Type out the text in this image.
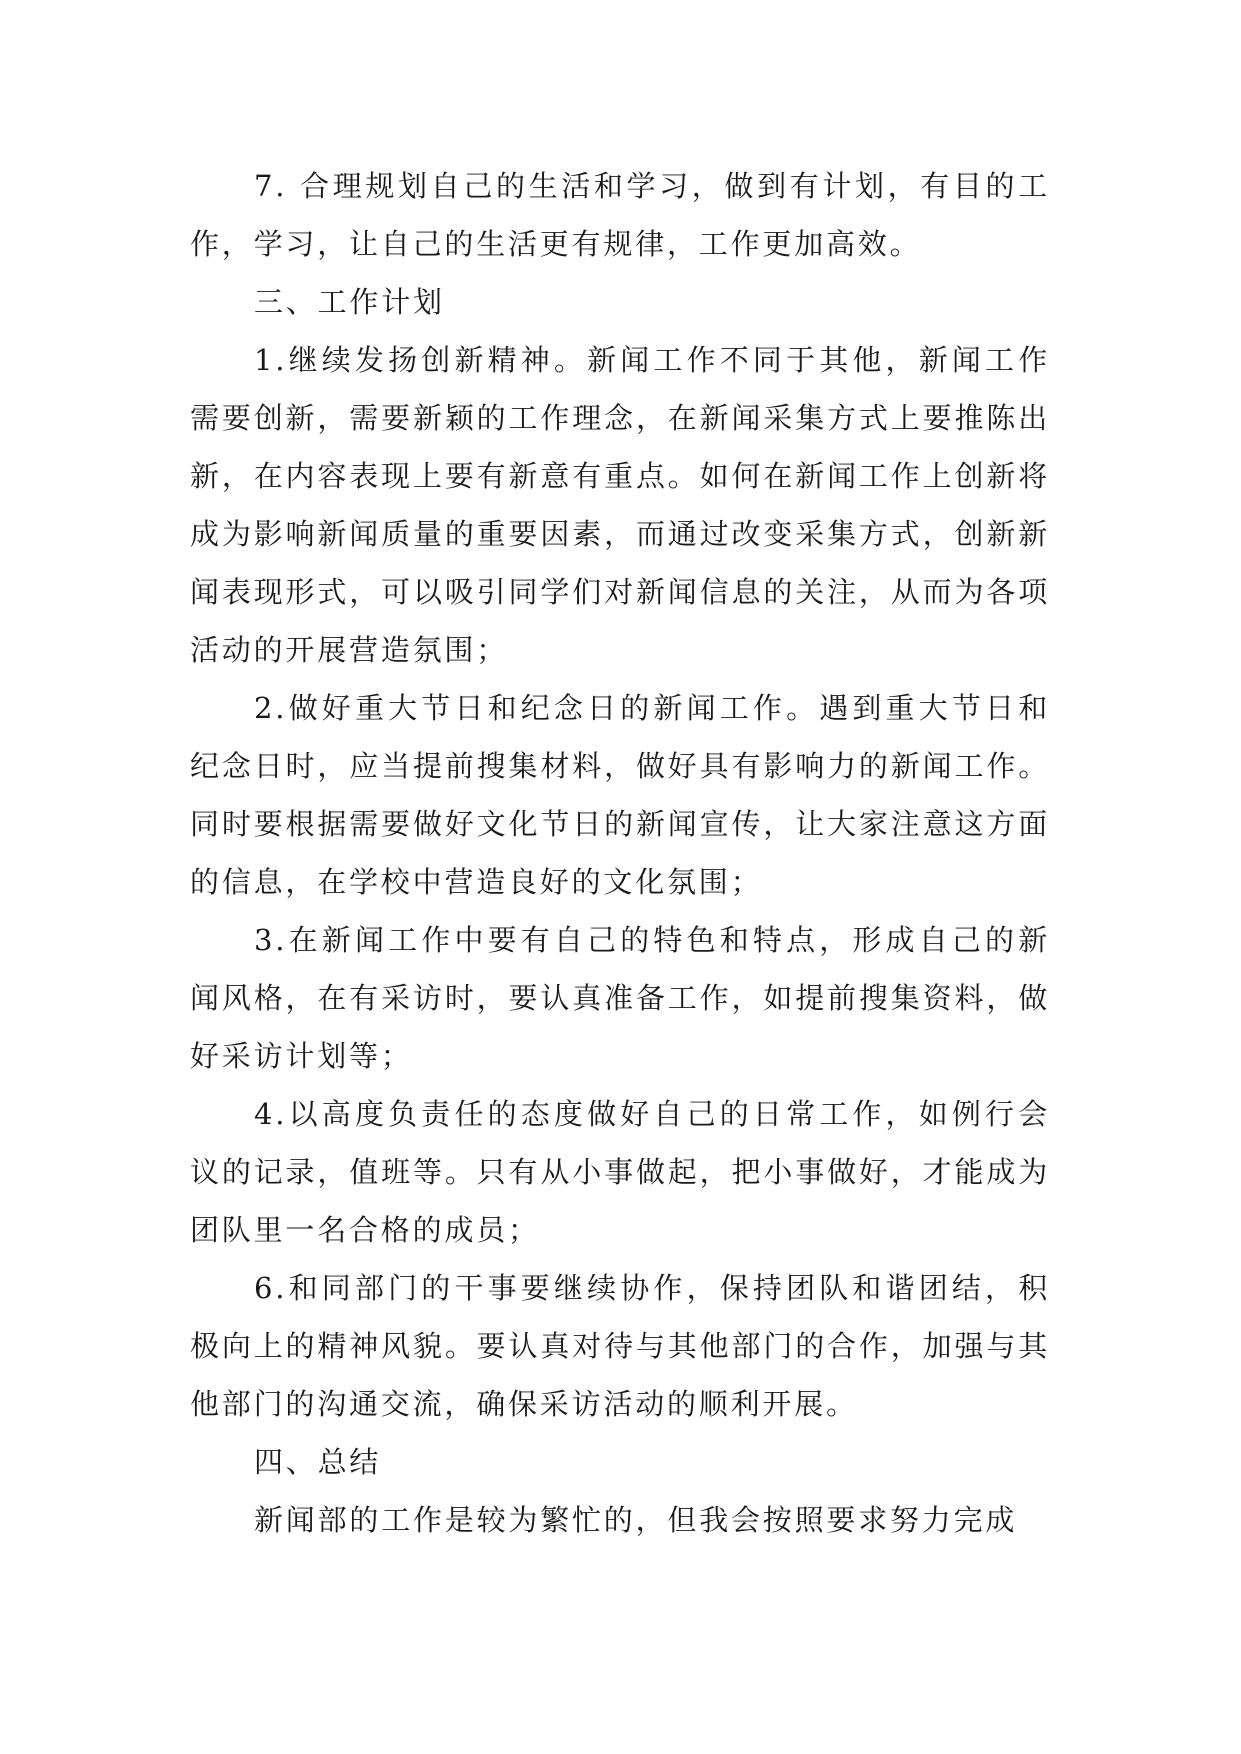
7. 合理规划自己的生活和学习，做到有计划，有目的工作，学习，让自己的生活更有规律，工作更加高效。

三、工作计划

1.继续发扬创新精神。新闻工作不同于其他，新闻工作需要创新，需要新颖的工作理念，在新闻采集方式上要推陈出新，在内容表现上要有新意有重点。如何在新闻工作上创新将成为影响新闻质量的重要因素，而通过改变采集方式，创新新闻表现形式，可以吸引同学们对新闻信息的关注，从而为各项活动的开展营造氛围；

2.做好重大节日和纪念日的新闻工作。遇到重大节日和纪念日时，应当提前搜集材料，做好具有影响力的新闻工作。同时要根据需要做好文化节日的新闻宣传，让大家注意这方面的信息，在学校中营造良好的文化氛围；

3.在新闻工作中要有自己的特色和特点，形成自己的新闻风格，在有采访时，要认真准备工作，如提前搜集资料，做好采访计划等；

4.以高度负责任的态度做好自己的日常工作，如例行会议的记录，值班等。只有从小事做起，把小事做好，才能成为团队里一名合格的成员；

6.和同部门的干事要继续协作，保持团队和谐团结，积极向上的精神风貌。要认真对待与其他部门的合作，加强与其他部门的沟通交流，确保采访活动的顺利开展。

四、总结

新闻部的工作是较为繁忙的，但我会按照要求努力完成
